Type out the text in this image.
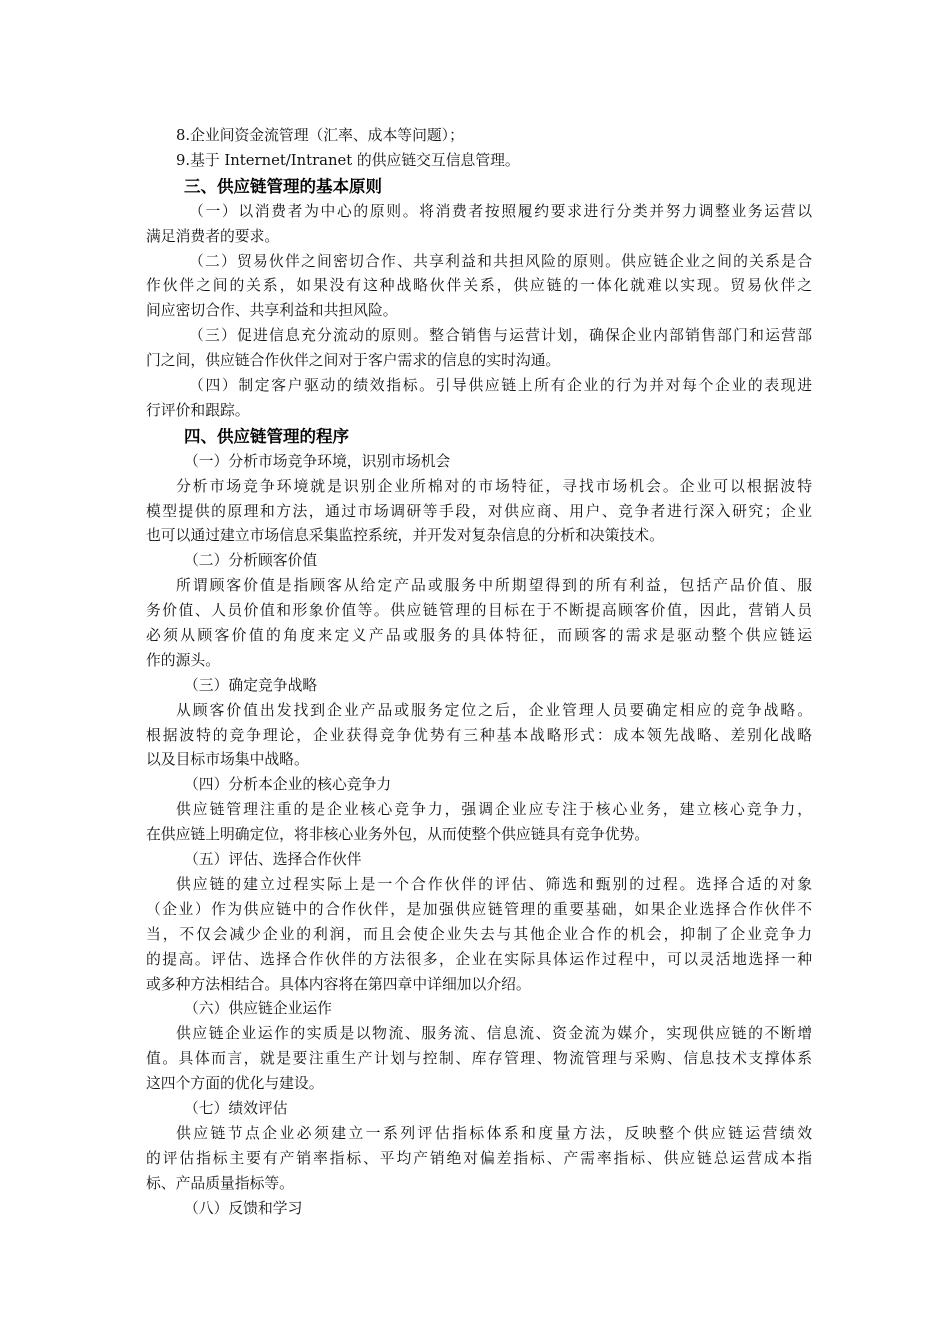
8.企业间资金流管理（汇率、成本等问题）；
9.基于 Internet/Intranet 的供应链交互信息管理。
三、供应链管理的基本原则
（一）以消费者为中心的原则。将消费者按照履约要求进行分类并努力调整业务运营以
满足消费者的要求。
（二）贸易伙伴之间密切合作、共享利益和共担风险的原则。供应链企业之间的关系是合
作伙伴之间的关系，如果没有这种战略伙伴关系，供应链的一体化就难以实现。贸易伙伴之
间应密切合作、共享利益和共担风险。
（三）促进信息充分流动的原则。整合销售与运营计划，确保企业内部销售部门和运营部
门之间，供应链合作伙伴之间对于客户需求的信息的实时沟通。
（四）制定客户驱动的绩效指标。引导供应链上所有企业的行为并对每个企业的表现进
行评价和跟踪。
四、供应链管理的程序
（一）分析市场竞争环境，识别市场机会
分析市场竞争环境就是识别企业所棉对的市场特征，寻找市场机会。企业可以根据波特
模型提供的原理和方法，通过市场调研等手段，对供应商、用户、竞争者进行深入研究；企业
也可以通过建立市场信息采集监控系统，并开发对复杂信息的分析和决策技术。
（二）分析顾客价值
所谓顾客价值是指顾客从给定产品或服务中所期望得到的所有利益，包括产品价值、服
务价值、人员价值和形象价值等。供应链管理的目标在于不断提高顾客价值，因此，营销人员
必须从顾客价值的角度来定义产品或服务的具体特征，而顾客的需求是驱动整个供应链运
作的源头。
（三）确定竞争战略
从顾客价值出发找到企业产品或服务定位之后，企业管理人员要确定相应的竞争战略。
根据波特的竞争理论，企业获得竞争优势有三种基本战略形式：成本领先战略、差别化战略
以及目标市场集中战略。
（四）分析本企业的核心竞争力
供应链管理注重的是企业核心竞争力，强调企业应专注于核心业务，建立核心竞争力，
在供应链上明确定位，将非核心业务外包，从而使整个供应链具有竞争优势。
（五）评估、选择合作伙伴
供应链的建立过程实际上是一个合作伙伴的评估、筛选和甄别的过程。选择合适的对象
（企业）作为供应链中的合作伙伴，是加强供应链管理的重要基础，如果企业选择合作伙伴不
当，不仅会减少企业的利润，而且会使企业失去与其他企业合作的机会，抑制了企业竞争力
的提高。评估、选择合作伙伴的方法很多，企业在实际具体运作过程中，可以灵活地选择一种
或多种方法相结合。具体内容将在第四章中详细加以介绍。
（六）供应链企业运作
供应链企业运作的实质是以物流、服务流、信息流、资金流为媒介，实现供应链的不断增
值。具体而言，就是要注重生产计划与控制、库存管理、物流管理与采购、信息技术支撑体系
这四个方面的优化与建设。
（七）绩效评估
供应链节点企业必须建立一系列评估指标体系和度量方法，反映整个供应链运营绩效
的评估指标主要有产销率指标、平均产销绝对偏差指标、产需率指标、供应链总运营成本指
标、产品质量指标等。
（八）反馈和学习
